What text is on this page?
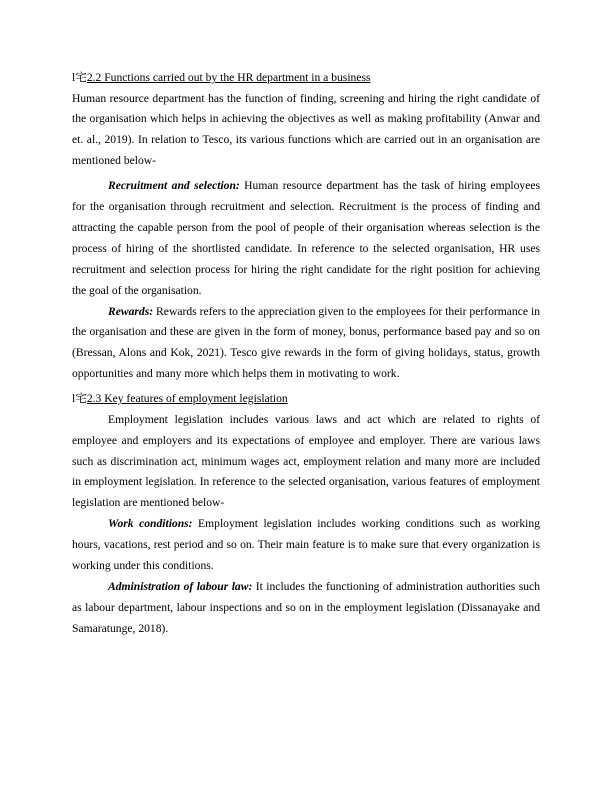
l宅2.2 Functions carried out by the HR department in a business

Human resource department has the function of finding, screening and hiring the right candidate of the organisation which helps in achieving the objectives as well as making profitability (Anwar and et. al., 2019). In relation to Tesco, its various functions which are carried out in an organisation are mentioned below-

Recruitment and selection: Human resource department has the task of hiring employees for the organisation through recruitment and selection. Recruitment is the process of finding and attracting the capable person from the pool of people of their organisation whereas selection is the process of hiring of the shortlisted candidate. In reference to the selected organisation, HR uses recruitment and selection process for hiring the right candidate for the right position for achieving the goal of the organisation.

Rewards: Rewards refers to the appreciation given to the employees for their performance in the organisation and these are given in the form of money, bonus, performance based pay and so on (Bressan, Alons and Kok, 2021). Tesco give rewards in the form of giving holidays, status, growth opportunities and many more which helps them in motivating to work.

l宅2.3 Key features of employment legislation

Employment legislation includes various laws and act which are related to rights of employee and employers and its expectations of employee and employer. There are various laws such as discrimination act, minimum wages act, employment relation and many more are included in employment legislation. In reference to the selected organisation, various features of employment legislation are mentioned below-

Work conditions: Employment legislation includes working conditions such as working hours, vacations, rest period and so on. Their main feature is to make sure that every organization is working under this conditions.

Administration of labour law: It includes the functioning of administration authorities such as labour department, labour inspections and so on in the employment legislation (Dissanayake and Samaratunge, 2018).
